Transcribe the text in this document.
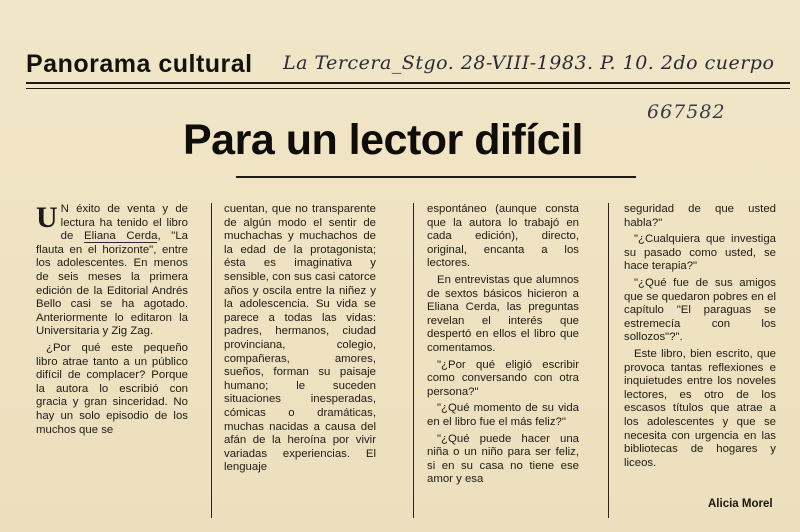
Panorama cultural La Tercera_Stgo. 28-VIII-1983. P. 10. 2do cuerpo
667582
Para un lector difícil

U N éxito de venta y de lectura ha tenido el libro de Eliana Cerda, "La flauta en el horizonte", entre los adolescentes. En menos de seis meses la primera edición de la Editorial Andrés Bello casi se ha agotado. Anteriormente lo editaron la Universitaria y Zig Zag.

¿Por qué este pequeño libro atrae tanto a un público difícil de complacer? Porque la autora lo escribió con gracia y gran sinceridad. No hay un solo episodio de los muchos que se

cuentan, que no transparente de algún modo el sentir de muchachas y muchachos de la edad de la protagonista; ésta es imaginativa y sensible, con sus casi catorce años y oscila entre la niñez y la adolescencia. Su vida se parece a todas las vidas: padres, hermanos, ciudad provinciana, colegio, compañeras, amores, sueños, forman su paisaje humano; le suceden situaciones inesperadas, cómicas o dramáticas, muchas nacidas a causa del afán de la heroína por vivir variadas experiencias. El lenguaje

espontáneo (aunque consta que la autora lo trabajó en cada edición), directo, original, encanta a los lectores.

En entrevistas que alumnos de sextos básicos hicieron a Eliana Cerda, las preguntas revelan el interés que despertó en ellos el libro que comentamos.

"¿Por qué eligió escribir como conversando con otra persona?"

"¿Qué momento de su vida en el libro fue el más feliz?"

"¿Qué puede hacer una niña o un niño para ser feliz, si en su casa no tiene ese amor y esa

seguridad de que usted habla?"

"¿Cualquiera que investiga su pasado como usted, se hace terapia?"

"¿Qué fue de sus amigos que se quedaron pobres en el capítulo "El paraguas se estremecía con los sollozos"?".

Este libro, bien escrito, que provoca tantas reflexiones e inquietudes entre los noveles lectores, es otro de los escasos títulos que atrae a los adolescentes y que se necesita con urgencia en las bibliotecas de hogares y liceos.

Alicia Morel
